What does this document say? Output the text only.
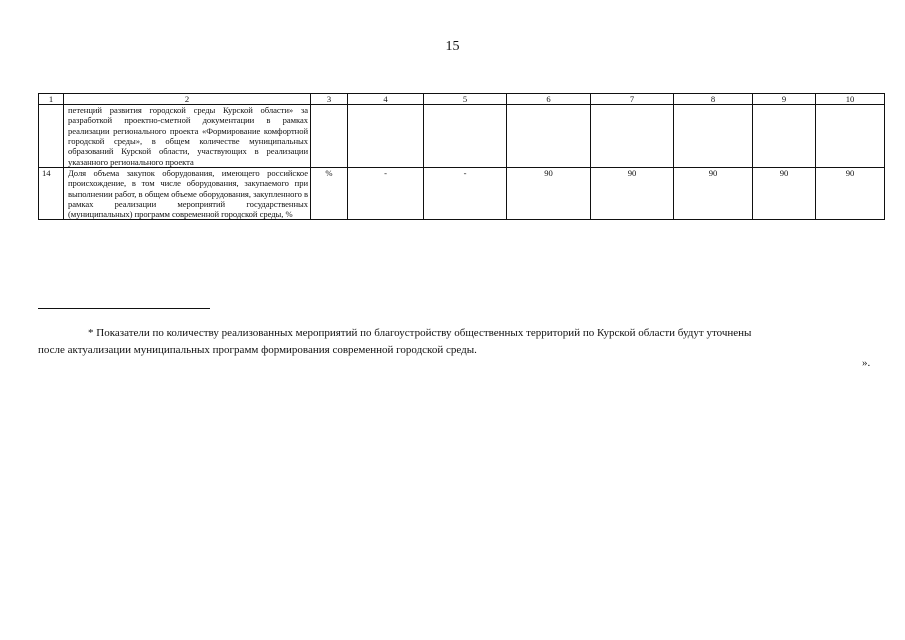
15
1	2	3	4	5	6	7	8	9	10
	петенций развития городской среды Курской области» за разработкой проектно-сметной документации в рамках реализации регионального проекта «Формирование комфортной городской среды», в общем количестве муниципальных образований Курской области, участвующих в реализации указанного регионального проекта								
14	Доля объема закупок оборудования, имеющего российское происхождение, в том числе оборудования, закупаемого при выполнении работ, в общем объеме оборудования, закупленного в рамках реализации мероприятий государственных (муниципальных) программ современной городской среды, %	%	-	-	90	90	90	90	90
* Показатели по количеству реализованных мероприятий по благоустройству общественных территорий по Курской области будут уточнены
после актуализации муниципальных программ формирования современной городской среды.
».
